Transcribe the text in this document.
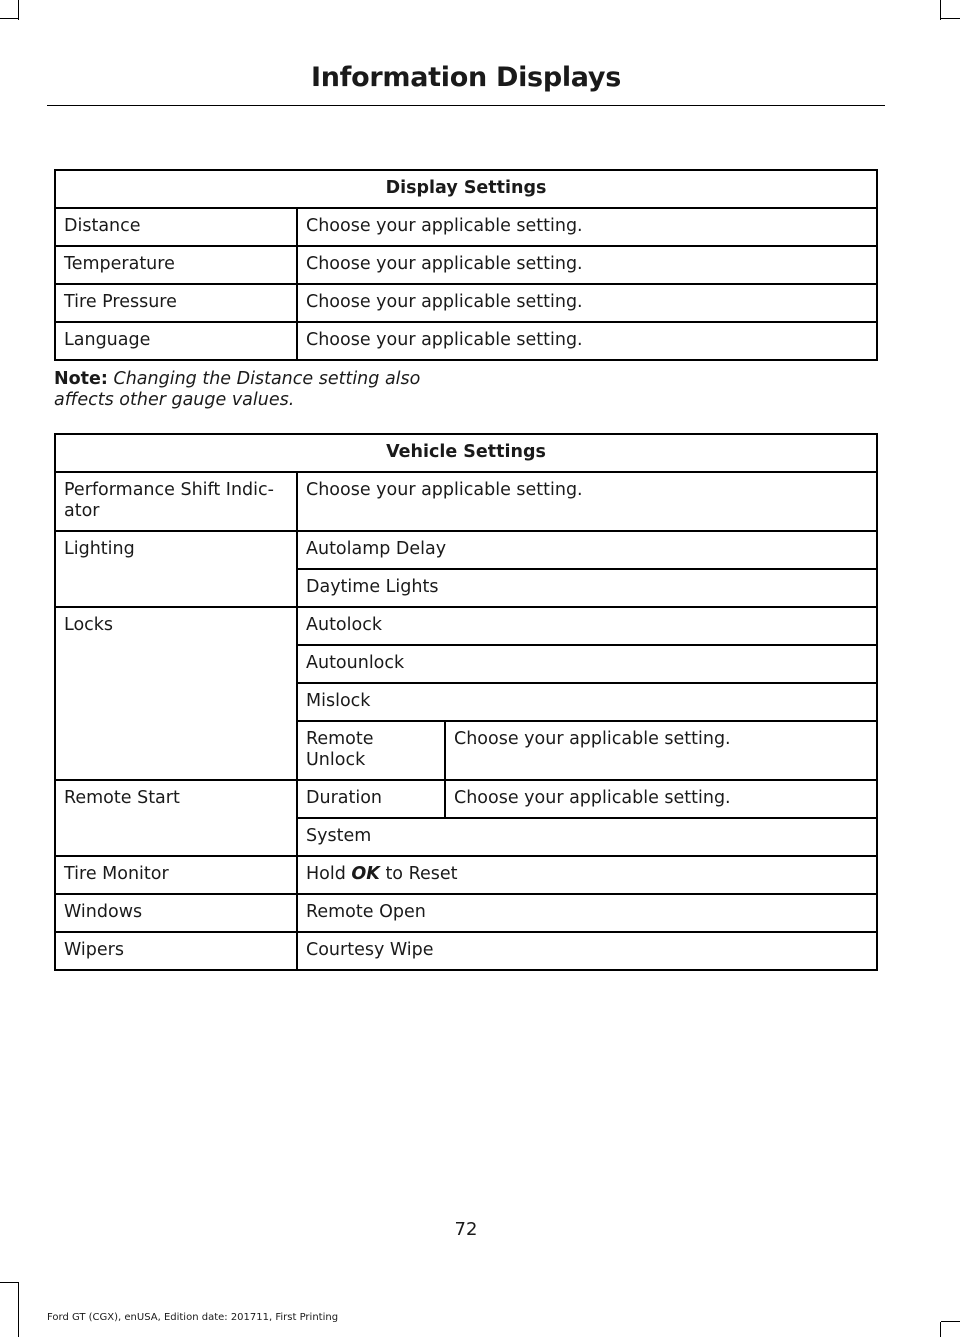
Information Displays
Display Settings	
Distance	Choose your applicable setting.
Temperature	Choose your applicable setting.
Tire Pressure	Choose your applicable setting.
Language	Choose your applicable setting.

Note: Changing the Distance setting also affects other gauge values.

Vehicle Settings		
Performance Shift Indic-ator	Choose your applicable setting.	
Lighting	Autolamp Delay	
	Daytime Lights	
Locks	Autolock	
	Autounlock	
	Mislock	
	Remote Unlock	Choose your applicable setting.
Remote Start	Duration	Choose your applicable setting.
	System	
Tire Monitor	Hold OK to Reset	
Windows	Remote Open	
Wipers	Courtesy Wipe	
72
Ford GT (CGX), enUSA, Edition date: 201711, First Printing
